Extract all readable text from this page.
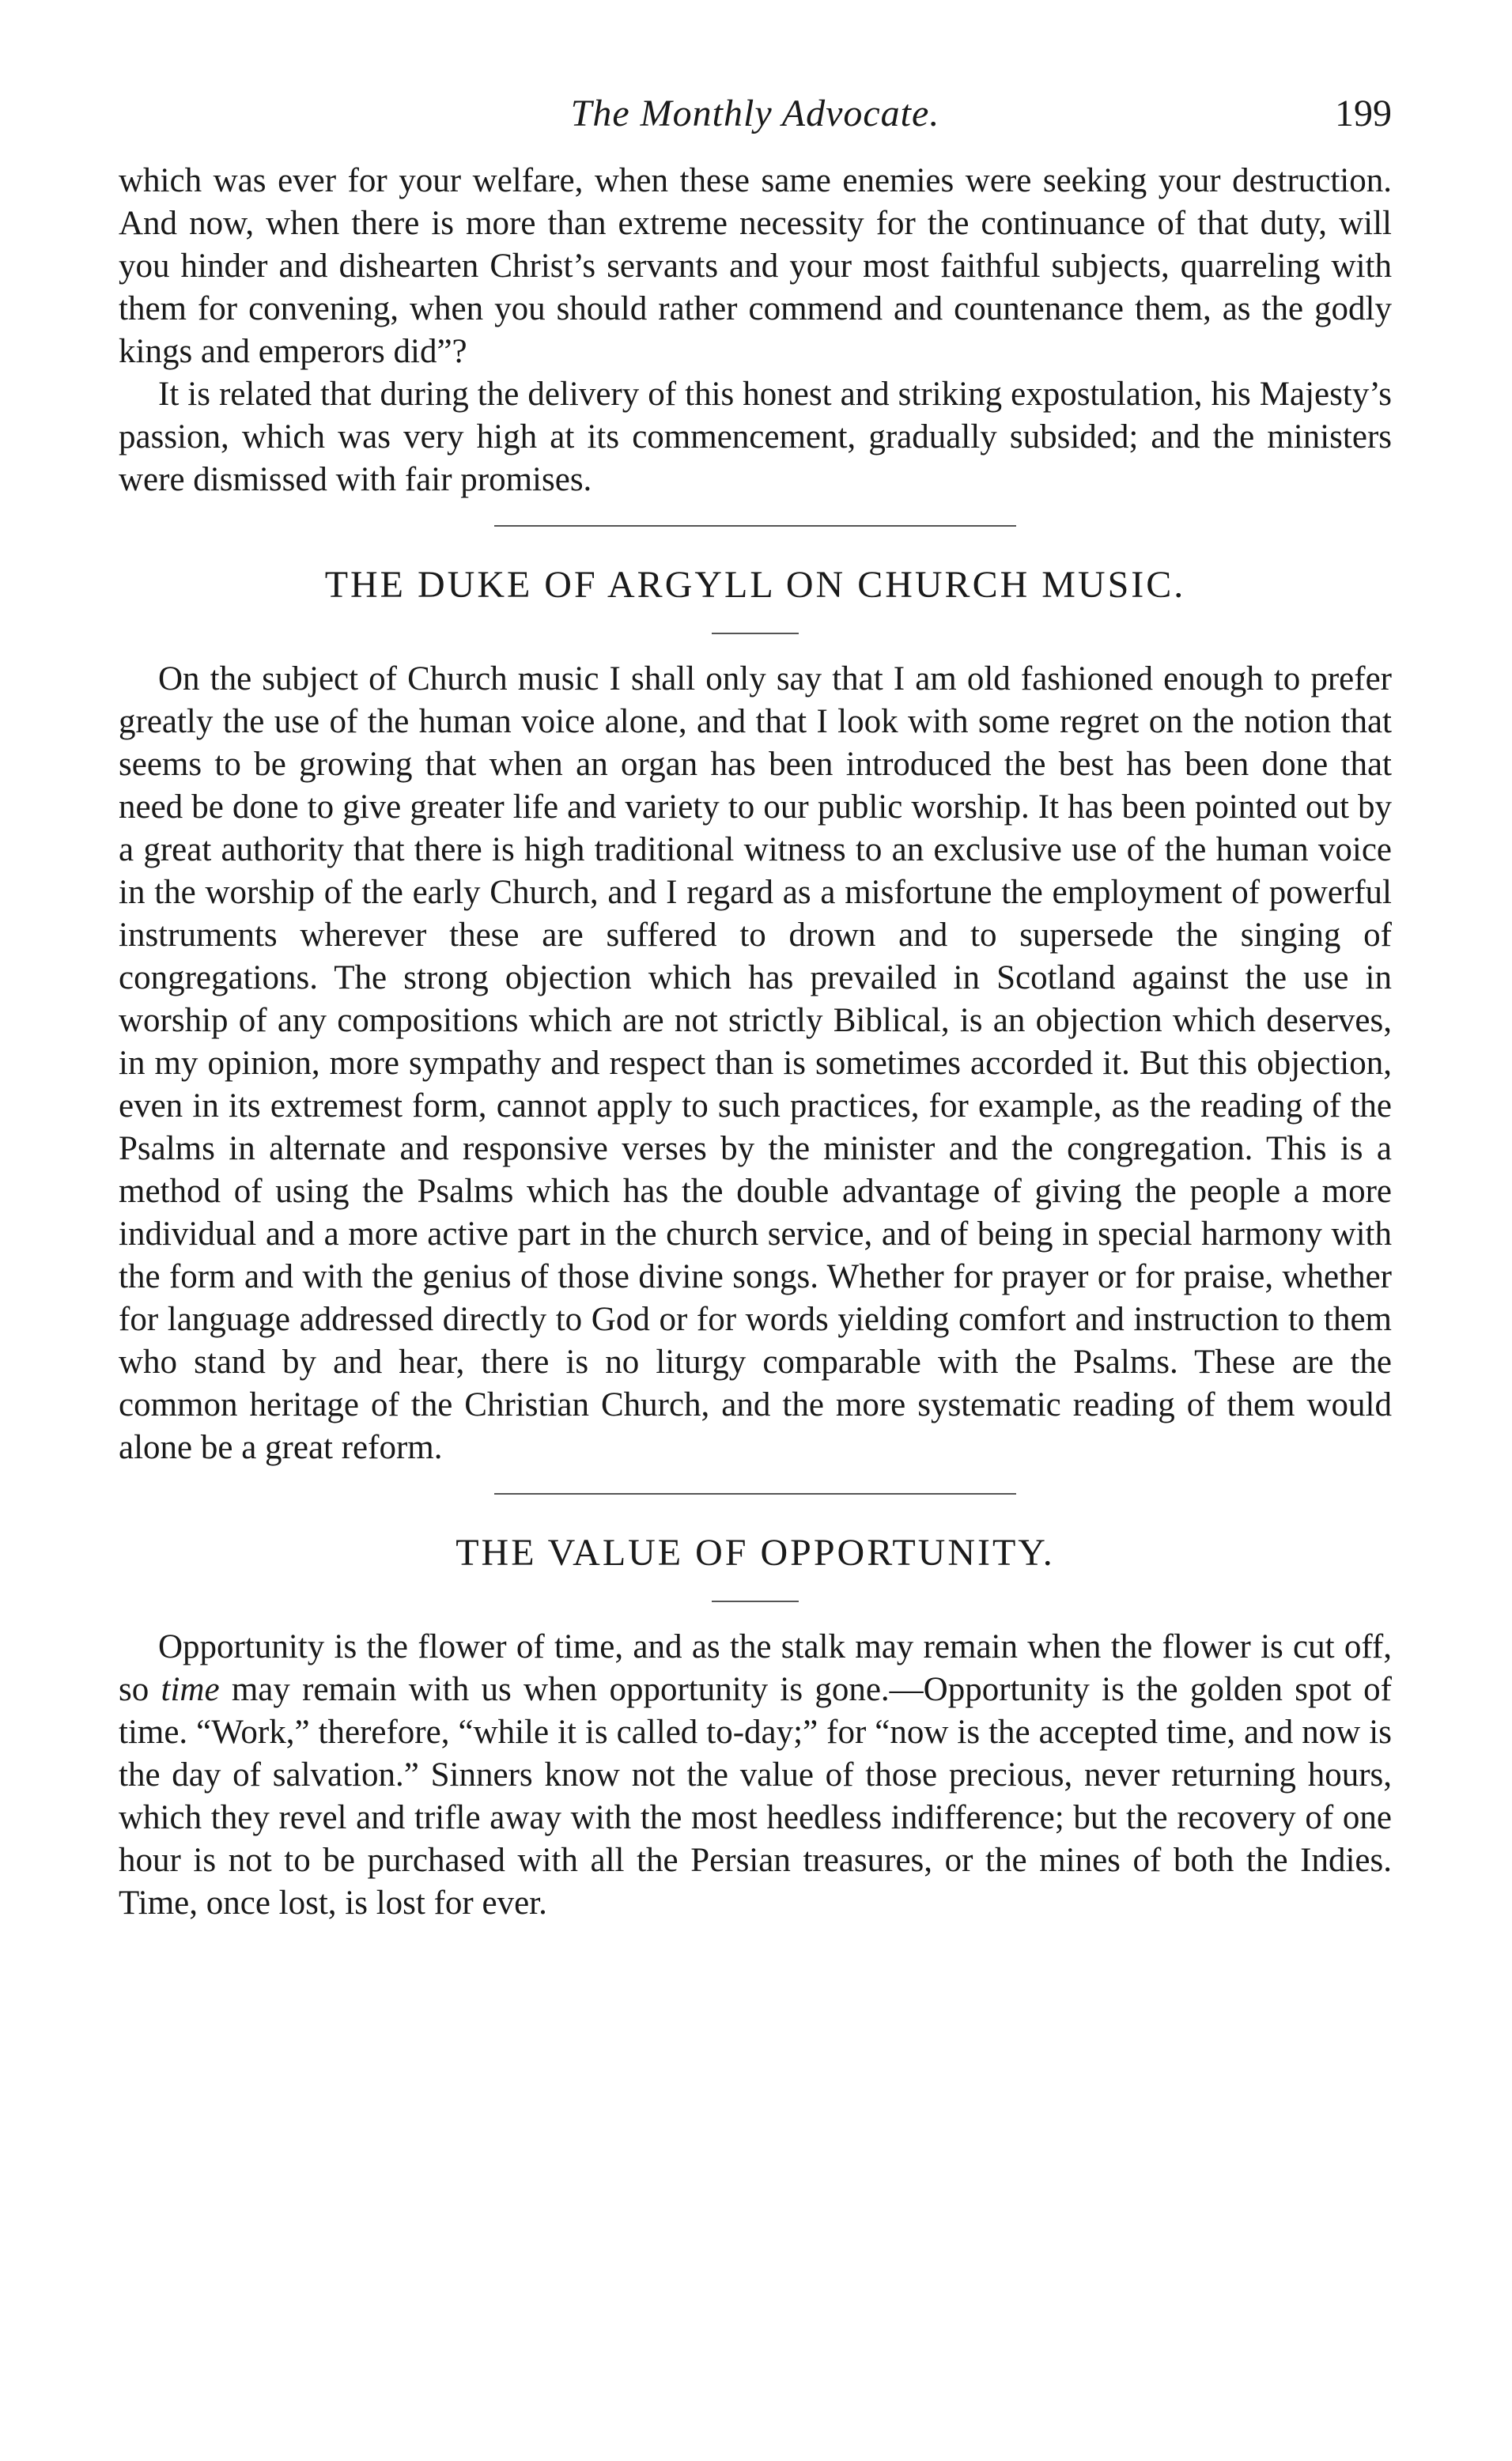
The Monthly Advocate.	199

which was ever for your welfare, when these same enemies were seeking your destruction. And now, when there is more than extreme necessity for the continuance of that duty, will you hinder and dishearten Christ’s servants and your most faithful subjects, quarreling with them for convening, when you should rather commend and countenance them, as the godly kings and emperors did”?

It is related that during the delivery of this honest and striking expostulation, his Majesty’s passion, which was very high at its commencement, gradually subsided; and the ministers were dismissed with fair promises.

THE DUKE OF ARGYLL ON CHURCH MUSIC.

On the subject of Church music I shall only say that I am old fashioned enough to prefer greatly the use of the human voice alone, and that I look with some regret on the notion that seems to be growing that when an organ has been introduced the best has been done that need be done to give greater life and variety to our public worship. It has been pointed out by a great authority that there is high traditional witness to an exclusive use of the human voice in the worship of the early Church, and I regard as a misfortune the employment of powerful instruments wherever these are suffered to drown and to supersede the singing of congregations. The strong objection which has prevailed in Scotland against the use in worship of any compositions which are not strictly Biblical, is an objection which deserves, in my opinion, more sympathy and respect than is sometimes accorded it. But this objection, even in its extremest form, cannot apply to such practices, for example, as the reading of the Psalms in alternate and responsive verses by the minister and the congregation. This is a method of using the Psalms which has the double advantage of giving the people a more individual and a more active part in the church service, and of being in special harmony with the form and with the genius of those divine songs. Whether for prayer or for praise, whether for language addressed directly to God or for words yielding comfort and instruction to them who stand by and hear, there is no liturgy comparable with the Psalms. These are the common heritage of the Christian Church, and the more systematic reading of them would alone be a great reform.

THE VALUE OF OPPORTUNITY.

Opportunity is the flower of time, and as the stalk may remain when the flower is cut off, so time may remain with us when opportunity is gone.—Opportunity is the golden spot of time. “Work,” therefore, “while it is called to-day;” for “now is the accepted time, and now is the day of salvation.” Sinners know not the value of those precious, never returning hours, which they revel and trifle away with the most heedless indifference; but the recovery of one hour is not to be purchased with all the Persian treasures, or the mines of both the Indies. Time, once lost, is lost for ever.
